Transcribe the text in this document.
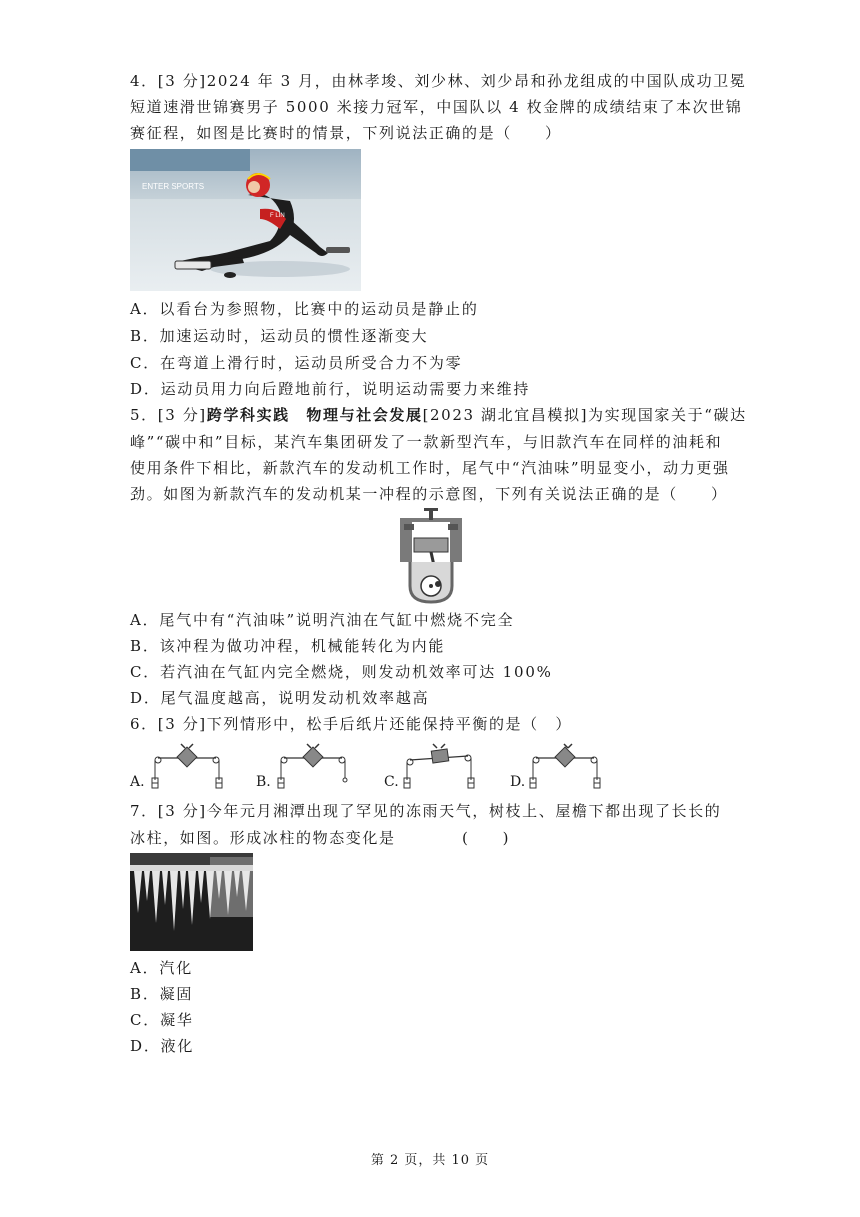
4．[3 分]2024 年 3 月，由林孝埈、刘少林、刘少昂和孙龙组成的中国队成功卫冕
短道速滑世锦赛男子 5000 米接力冠军，中国队以 4 枚金牌的成绩结束了本次世锦
ENTER SPORTS
F LIN
A．以看台为参照物，比赛中的运动员是静止的
B．加速运动时，运动员的惯性逐渐变大
C．在弯道上滑行时，运动员所受合力不为零
D．运动员用力向后蹬地前行，说明运动需要力来维持
5．[3 分]跨学科实践　物理与社会发展[2023 湖北宜昌模拟]为实现国家关于“碳达
峰”“碳中和”目标，某汽车集团研发了一款新型汽车，与旧款汽车在同样的油耗和
使用条件下相比，新款汽车的发动机工作时，尾气中“汽油味”明显变小，动力更强
劲。如图为新款汽车的发动机某一冲程的示意图，下列有关说法正确的是（　　）
A．尾气中有“汽油味”说明汽油在气缸中燃烧不完全
B．该冲程为做功冲程，机械能转化为内能
C．若汽油在气缸内完全燃烧，则发动机效率可达 100%
D．尾气温度越高，说明发动机效率越高
6．[3 分]下列情形中，松手后纸片还能保持平衡的是（　）
A.	B.	C.	D.
7．[3 分]今年元月湘潭出现了罕见的冻雨天气，树枝上、屋檐下都出现了长长的
冰柱，如图。形成冰柱的物态变化是　　　　(　　)
A．汽化
B．凝固
C．凝华
D．液化
第 2 页，共 10 页
赛征程，如图是比赛时的情景，下列说法正确的是（　　）
